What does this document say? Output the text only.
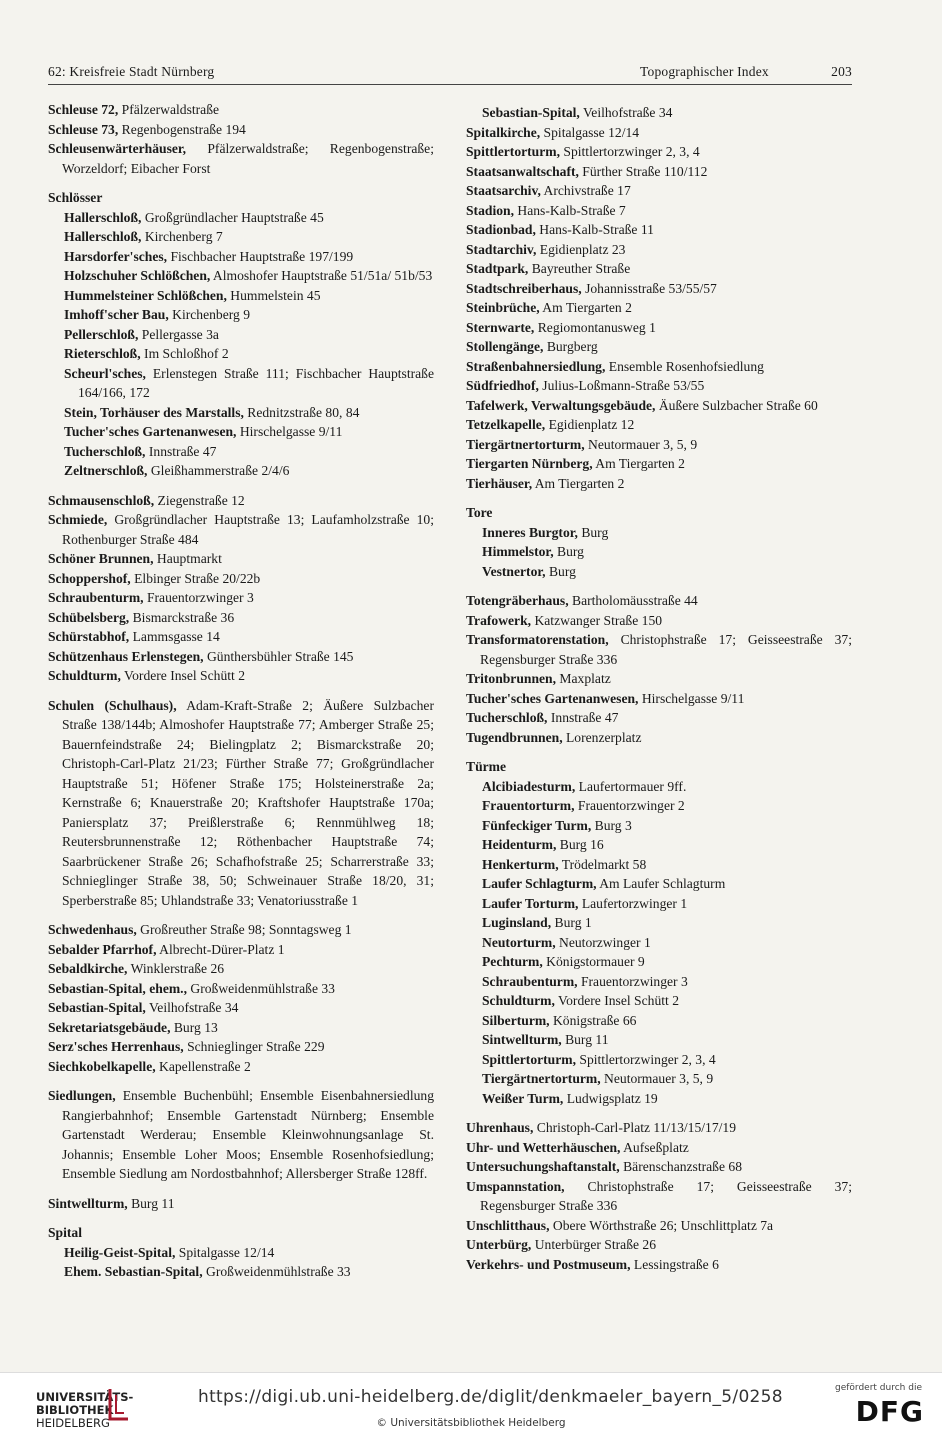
62: Kreisfreie Stadt Nürnberg	Topographischer Index	203
Schleuse 72, Pfälzerwaldstraße
Schleuse 73, Regenbogenstraße 194
Schleusenwärterhäuser, Pfälzerwaldstraße; Regenbogenstraße; Worzeldorf; Eibacher Forst
Schlösser
Hallerschloß, Großgründlacher Hauptstraße 45
Hallerschloß, Kirchenberg 7
Harsdorfer'sches, Fischbacher Hauptstraße 197/199
Holzschuher Schlößchen, Almoshofer Hauptstraße 51/51a/ 51b/53
Hummelsteiner Schlößchen, Hummelstein 45
Imhoff'scher Bau, Kirchenberg 9
Pellerschloß, Pellergasse 3a
Rieterschloß, Im Schloßhof 2
Scheurl'sches, Erlenstegen Straße 111; Fischbacher Hauptstraße 164/166, 172
Stein, Torhäuser des Marstalls, Rednitzstraße 80, 84
Tucher'sches Gartenanwesen, Hirschelgasse 9/11
Tucherschloß, Innstraße 47
Zeltnerschloß, Gleißhammerstraße 2/4/6
Schmausenschloß, Ziegenstraße 12
Schmiede, Großgründlacher Hauptstraße 13; Laufamholzstraße 10; Rothenburger Straße 484
Schöner Brunnen, Hauptmarkt
Schoppershof, Elbinger Straße 20/22b
Schraubenturm, Frauentorzwinger 3
Schübelsberg, Bismarckstraße 36
Schürstabhof, Lammsgasse 14
Schützenhaus Erlenstegen, Günthersbühler Straße 145
Schuldturm, Vordere Insel Schütt 2
Schulen (Schulhaus), Adam-Kraft-Straße 2; Äußere Sulzbacher Straße 138/144b; Almoshofer Hauptstraße 77; Amberger Straße 25; Bauernfeindstraße 24; Bielingplatz 2; Bismarckstraße 20; Christoph-Carl-Platz 21/23; Fürther Straße 77; Großgründlacher Hauptstraße 51; Höfener Straße 175; Holsteinerstraße 2a; Kernstraße 6; Knauerstraße 20; Kraftshofer Hauptstraße 170a; Paniersplatz 37; Preißlerstraße 6; Rennmühlweg 18; Reutersbrunnenstraße 12; Röthenbacher Hauptstraße 74; Saarbrückener Straße 26; Schafhofstraße 25; Scharrerstraße 33; Schnieglinger Straße 38, 50; Schweinauer Straße 18/20, 31; Sperberstraße 85; Uhlandstraße 33; Venatoriusstraße 1
Schwedenhaus, Großreuther Straße 98; Sonntagsweg 1
Sebalder Pfarrhof, Albrecht-Dürer-Platz 1
Sebaldkirche, Winklerstraße 26
Sebastian-Spital, ehem., Großweidenmühlstraße 33
Sebastian-Spital, Veilhofstraße 34
Sekretariatsgebäude, Burg 13
Serz'sches Herrenhaus, Schnieglinger Straße 229
Siechkobelkapelle, Kapellenstraße 2
Siedlungen, Ensemble Buchenbühl; Ensemble Eisenbahnersiedlung Rangierbahnhof; Ensemble Gartenstadt Nürnberg; Ensemble Gartenstadt Werderau; Ensemble Kleinwohnungsanlage St. Johannis; Ensemble Loher Moos; Ensemble Rosenhofsiedlung; Ensemble Siedlung am Nordostbahnhof; Allersberger Straße 128ff.
Sintwellturm, Burg 11
Spital
Heilig-Geist-Spital, Spitalgasse 12/14
Ehem. Sebastian-Spital, Großweidenmühlstraße 33
Sebastian-Spital, Veilhofstraße 34
Spitalkirche, Spitalgasse 12/14
Spittlertorturm, Spittlertorzwinger 2, 3, 4
Staatsanwaltschaft, Fürther Straße 110/112
Staatsarchiv, Archivstraße 17
Stadion, Hans-Kalb-Straße 7
Stadionbad, Hans-Kalb-Straße 11
Stadtarchiv, Egidienplatz 23
Stadtpark, Bayreuther Straße
Stadtschreiberhaus, Johannisstraße 53/55/57
Steinbrüche, Am Tiergarten 2
Sternwarte, Regiomontanusweg 1
Stollengänge, Burgberg
Straßenbahnersiedlung, Ensemble Rosenhofsiedlung
Südfriedhof, Julius-Loßmann-Straße 53/55
Tafelwerk, Verwaltungsgebäude, Äußere Sulzbacher Straße 60
Tetzelkapelle, Egidienplatz 12
Tiergärtnertorturm, Neutormauer 3, 5, 9
Tiergarten Nürnberg, Am Tiergarten 2
Tierhäuser, Am Tiergarten 2
Tore
Inneres Burgtor, Burg
Himmelstor, Burg
Vestnertor, Burg
Totengräberhaus, Bartholomäusstraße 44
Trafowerk, Katzwanger Straße 150
Transformatorenstation, Christophstraße 17; Geisseestraße 37; Regensburger Straße 336
Tritonbrunnen, Maxplatz
Tucher'sches Gartenanwesen, Hirschelgasse 9/11
Tucherschloß, Innstraße 47
Tugendbrunnen, Lorenzerplatz
Türme
Alcibiadesturm, Laufertormauer 9ff.
Frauentorturm, Frauentorzwinger 2
Fünfeckiger Turm, Burg 3
Heidenturm, Burg 16
Henkerturm, Trödelmarkt 58
Laufer Schlagturm, Am Laufer Schlagturm
Laufer Torturm, Laufertorzwinger 1
Luginsland, Burg 1
Neutorturm, Neutorzwinger 1
Pechturm, Königstormauer 9
Schraubenturm, Frauentorzwinger 3
Schuldturm, Vordere Insel Schütt 2
Silberturm, Königstraße 66
Sintwellturm, Burg 11
Spittlertorturm, Spittlertorzwinger 2, 3, 4
Tiergärtnertorturm, Neutormauer 3, 5, 9
Weißer Turm, Ludwigsplatz 19
Uhrenhaus, Christoph-Carl-Platz 11/13/15/17/19
Uhr- und Wetterhäuschen, Aufseßplatz
Untersuchungshaftanstalt, Bärenschanzstraße 68
Umspannstation, Christophstraße 17; Geisseestraße 37; Regensburger Straße 336
Unschlitthaus, Obere Wörthstraße 26; Unschlittplatz 7a
Unterbürg, Unterbürger Straße 26
Verkehrs- und Postmuseum, Lessingstraße 6
UNIVERSITÄTS-
BIBLIOTHEK
HEIDELBERG
https://digi.ub.uni-heidelberg.de/diglit/denkmaeler_bayern_5/0258
© Universitätsbibliothek Heidelberg
gefördert durch die
DFG
